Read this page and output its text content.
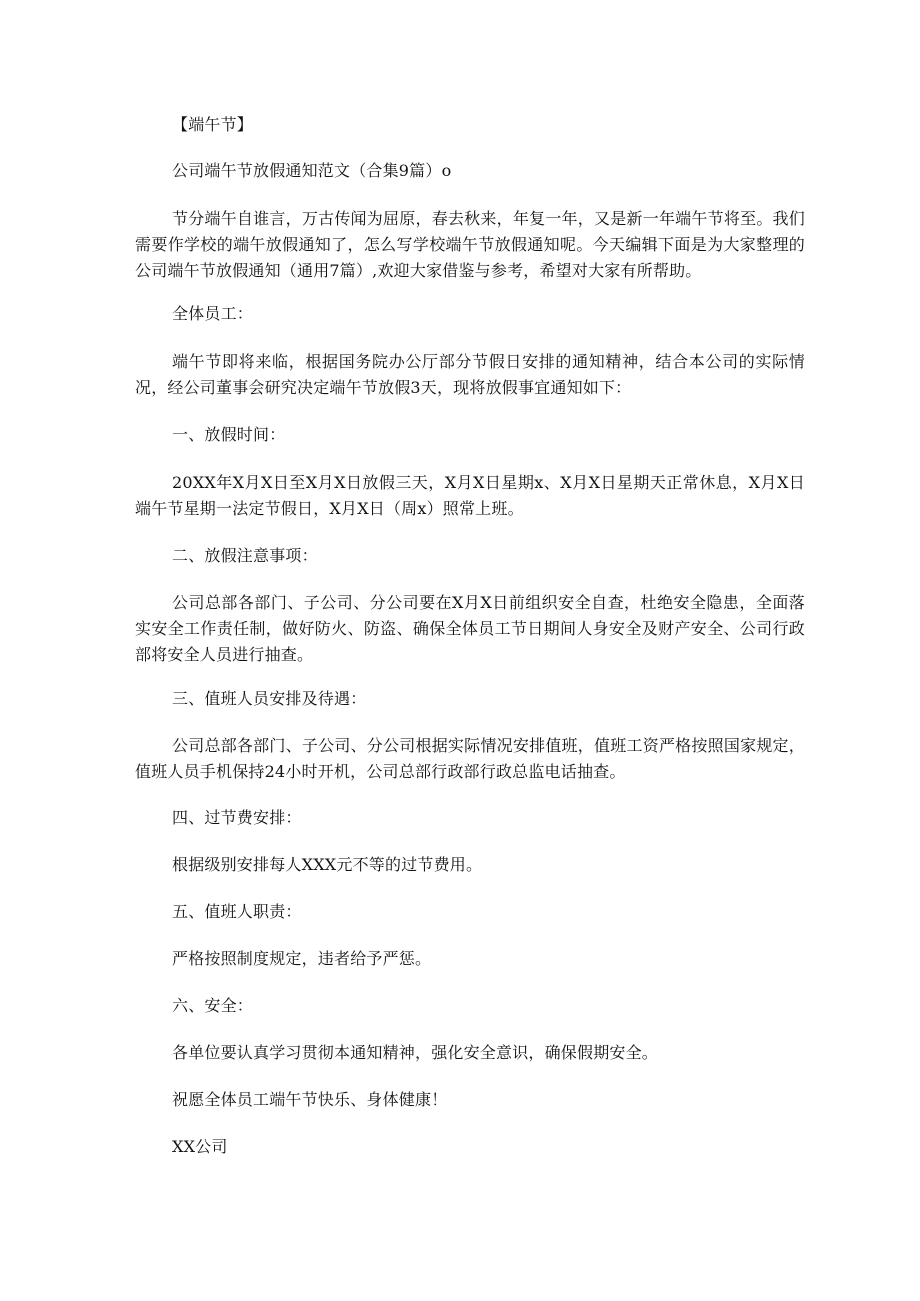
【端午节】

公司端午节放假通知范文（合集9篇）o

节分端午自谁言，万古传闻为屈原，春去秋来，年复一年，又是新一年端午节将至。我们需要作学校的端午放假通知了，怎么写学校端午节放假通知呢。今天编辑下面是为大家整理的公司端午节放假通知（通用7篇）,欢迎大家借鉴与参考，希望对大家有所帮助。

全体员工：

端午节即将来临，根据国务院办公厅部分节假日安排的通知精神，结合本公司的实际情况，经公司董事会研究决定端午节放假3天，现将放假事宜通知如下：

一、放假时间：

20XX年X月X日至X月X日放假三天，X月X日星期x、X月X日星期天正常休息，X月X日端午节星期一法定节假日，X月X日（周x）照常上班。

二、放假注意事项：

公司总部各部门、子公司、分公司要在X月X日前组织安全自查，杜绝安全隐患，全面落实安全工作责任制，做好防火、防盗、确保全体员工节日期间人身安全及财产安全、公司行政部将安全人员进行抽查。

三、值班人员安排及待遇：

公司总部各部门、子公司、分公司根据实际情况安排值班，值班工资严格按照国家规定，值班人员手机保持24小时开机，公司总部行政部行政总监电话抽查。

四、过节费安排：

根据级别安排每人XXX元不等的过节费用。

五、值班人职责：

严格按照制度规定，违者给予严惩。

六、安全：

各单位要认真学习贯彻本通知精神，强化安全意识，确保假期安全。

祝愿全体员工端午节快乐、身体健康！

XX公司
